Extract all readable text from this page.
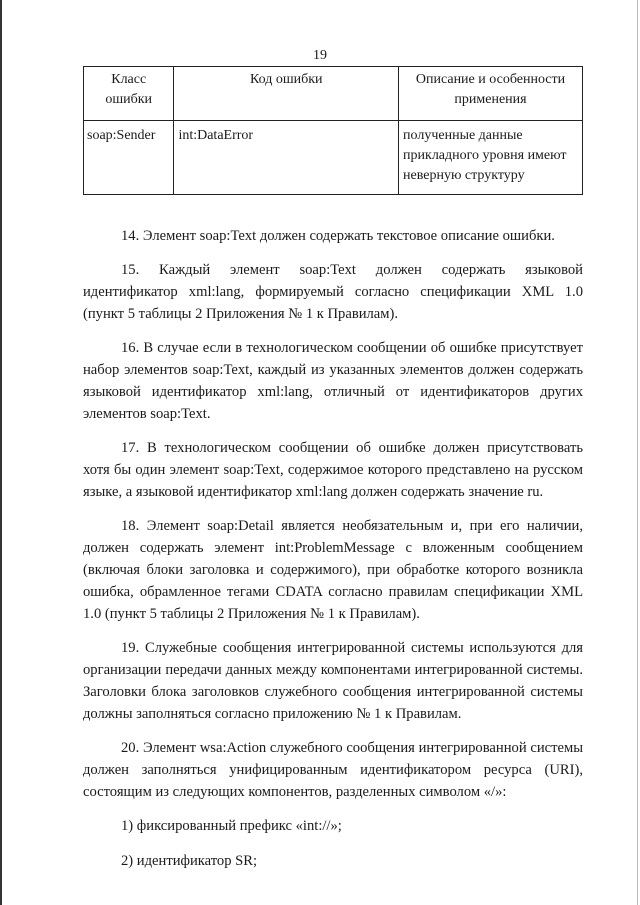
19
Класс ошибки	Код ошибки	Описание и особенности применения
soap:Sender	int:DataError	полученные данные прикладного уровня имеют неверную структуру

14. Элемент soap:Text должен содержать текстовое описание ошибки.

15. Каждый элемент soap:Text должен содержать языковой идентификатор xml:lang, формируемый согласно спецификации XML 1.0 (пункт 5 таблицы 2 Приложения № 1 к Правилам).

16. В случае если в технологическом сообщении об ошибке присутствует набор элементов soap:Text, каждый из указанных элементов должен содержать языковой идентификатор xml:lang, отличный от идентификаторов других элементов soap:Text.

17. В технологическом сообщении об ошибке должен присутствовать хотя бы один элемент soap:Text, содержимое которого представлено на русском языке, а языковой идентификатор xml:lang должен содержать значение ru.

18. Элемент soap:Detail является необязательным и, при его наличии, должен содержать элемент int:ProblemMessage с вложенным сообщением (включая блоки заголовка и содержимого), при обработке которого возникла ошибка, обрамленное тегами CDATA согласно правилам спецификации XML 1.0 (пункт 5 таблицы 2 Приложения № 1 к Правилам).

19. Служебные сообщения интегрированной системы используются для организации передачи данных между компонентами интегрированной системы. Заголовки блока заголовков служебного сообщения интегрированной системы должны заполняться согласно приложению № 1 к Правилам.

20. Элемент wsa:Action служебного сообщения интегрированной системы должен заполняться унифицированным идентификатором ресурса (URI), состоящим из следующих компонентов, разделенных символом «/»:

1) фиксированный префикс «int://»;

2) идентификатор SR;
